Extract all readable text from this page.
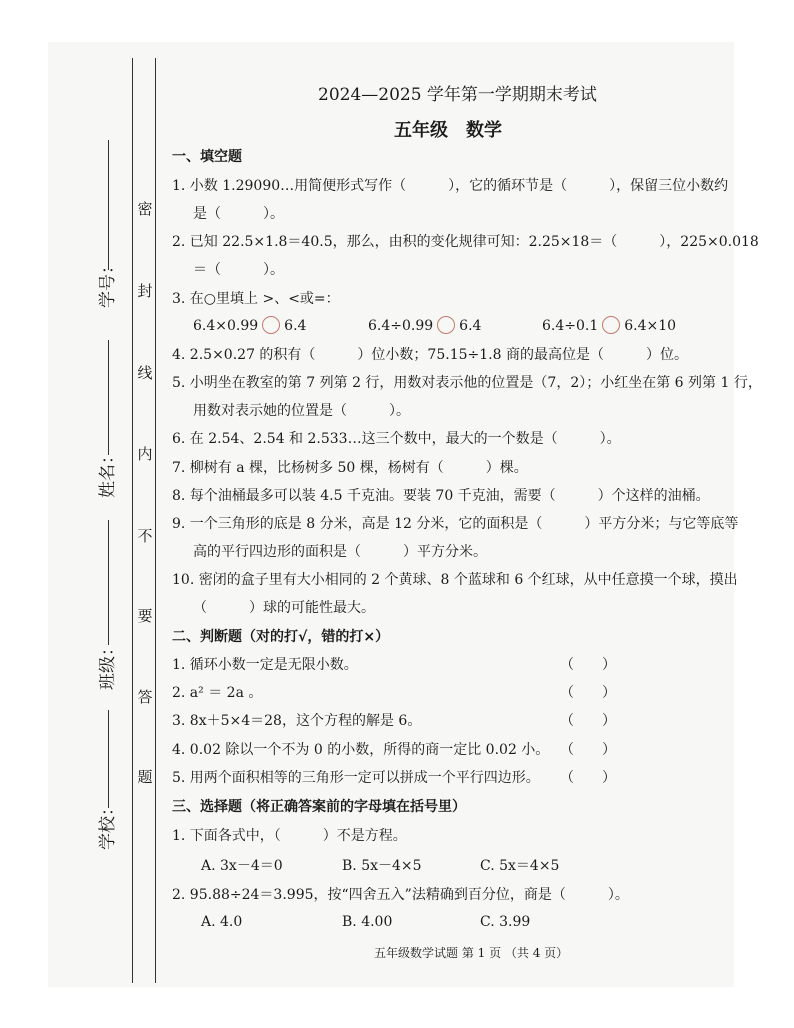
密
封
线
内
不
要
答
题
学号：
姓名：
班级：
学校：
2024—2025 学年第一学期期末考试
五年级　数学
一、填空题
1. 小数 1.29090…用简便形式写作（　　　），它的循环节是（　　　），保留三位小数约
是（　　　）。
2. 已知 22.5×1.8＝40.5，那么，由积的变化规律可知：2.25×18＝（　　　），225×0.018
＝（　　　）。
3. 在○里填上 >、<或=：
6.4×0.99 6.4	6.4÷0.99 6.4	6.4÷0.1 6.4×10
4. 2.5×0.27 的积有（　　　）位小数；75.15÷1.8 商的最高位是（　　　）位。
5. 小明坐在教室的第 7 列第 2 行，用数对表示他的位置是（7，2）；小红坐在第 6 列第 1 行，
用数对表示她的位置是（　　　）。
6. 在 2.54、2.54 和 2.533…这三个数中，最大的一个数是（　　　）。
7. 柳树有 a 棵，比杨树多 50 棵，杨树有（　　　）棵。
8. 每个油桶最多可以装 4.5 千克油。要装 70 千克油，需要（　　　）个这样的油桶。
9. 一个三角形的底是 8 分米，高是 12 分米，它的面积是（　　　）平方分米；与它等底等
高的平行四边形的面积是（　　　）平方分米。
10. 密闭的盒子里有大小相同的 2 个黄球、8 个蓝球和 6 个红球，从中任意摸一个球，摸出
（　　　）球的可能性最大。
二、判断题（对的打√，错的打×）
1. 循环小数一定是无限小数。	（　　）
2. a² ＝ 2a 。	（　　）
3. 8x＋5×4＝28，这个方程的解是 6。	（　　）
4. 0.02 除以一个不为 0 的小数，所得的商一定比 0.02 小。 （　　）
5. 用两个面积相等的三角形一定可以拼成一个平行四边形。 （　　）
三、选择题（将正确答案前的字母填在括号里）
1. 下面各式中，（　　　）不是方程。
A. 3x－4＝0	B. 5x－4×5	C. 5x＝4×5
2. 95.88÷24＝3.995，按“四舍五入”法精确到百分位，商是（　　　）。
A. 4.0	B. 4.00	C. 3.99
五年级数学试题 第 1 页 （共 4 页）
